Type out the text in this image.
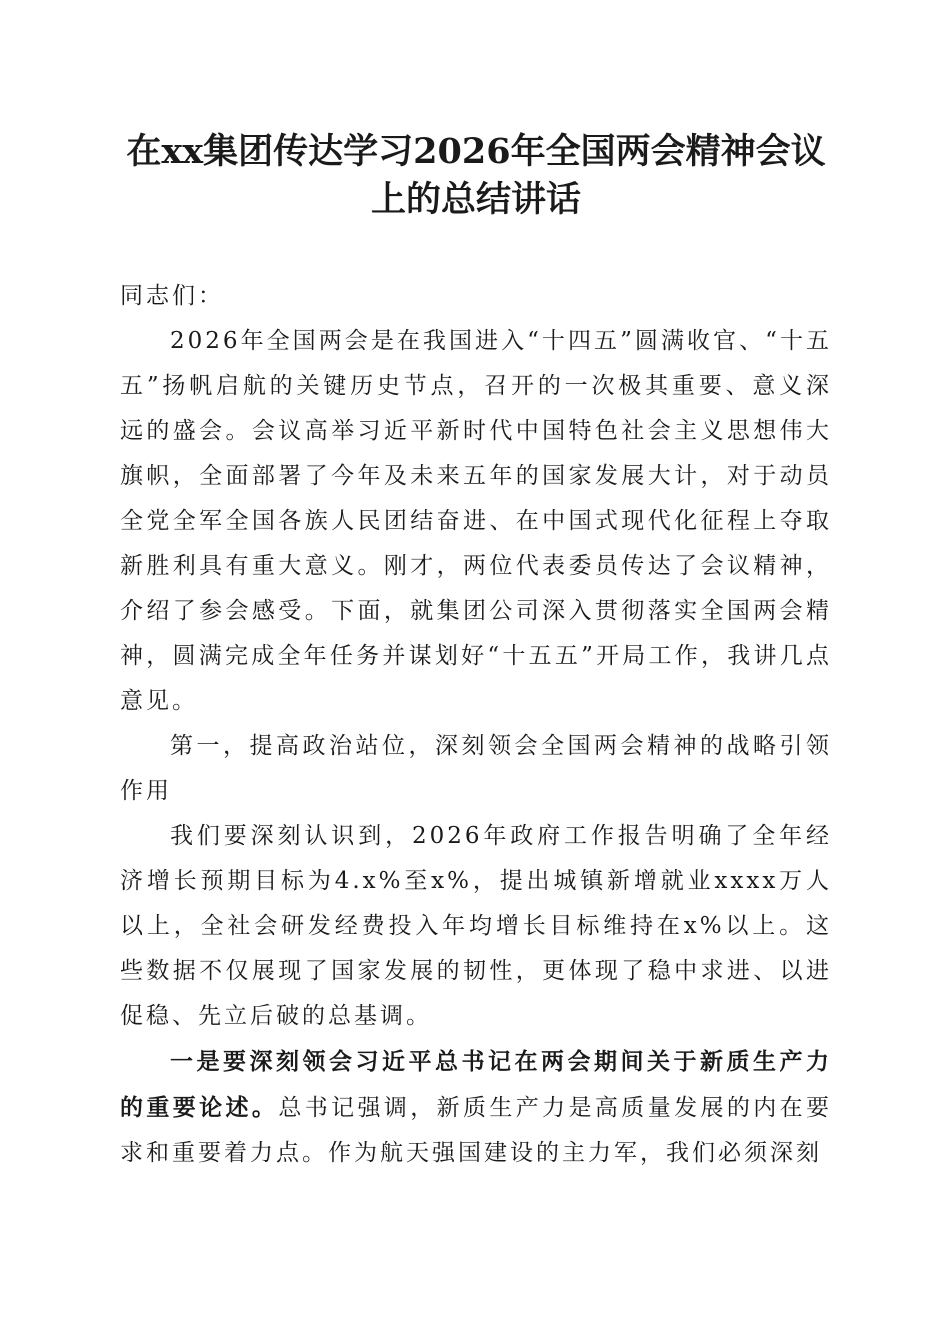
在xx集团传达学习2026年全国两会精神会议
上的总结讲话

同志们：

2026年全国两会是在我国进入“十四五”圆满收官、“十五五”扬帆启航的关键历史节点，召开的一次极其重要、意义深远的盛会。会议高举习近平新时代中国特色社会主义思想伟大旗帜，全面部署了今年及未来五年的国家发展大计，对于动员全党全军全国各族人民团结奋进、在中国式现代化征程上夺取新胜利具有重大意义。刚才，两位代表委员传达了会议精神，介绍了参会感受。下面，就集团公司深入贯彻落实全国两会精神，圆满完成全年任务并谋划好“十五五”开局工作，我讲几点意见。

第一，提高政治站位，深刻领会全国两会精神的战略引领作用

我们要深刻认识到，2026年政府工作报告明确了全年经济增长预期目标为4.x%至x%，提出城镇新增就业xxxx万人以上，全社会研发经费投入年均增长目标维持在x%以上。这些数据不仅展现了国家发展的韧性，更体现了稳中求进、以进促稳、先立后破的总基调。

一是要深刻领会习近平总书记在两会期间关于新质生产力的重要论述。总书记强调，新质生产力是高质量发展的内在要求和重要着力点。作为航天强国建设的主力军，我们必须深刻
